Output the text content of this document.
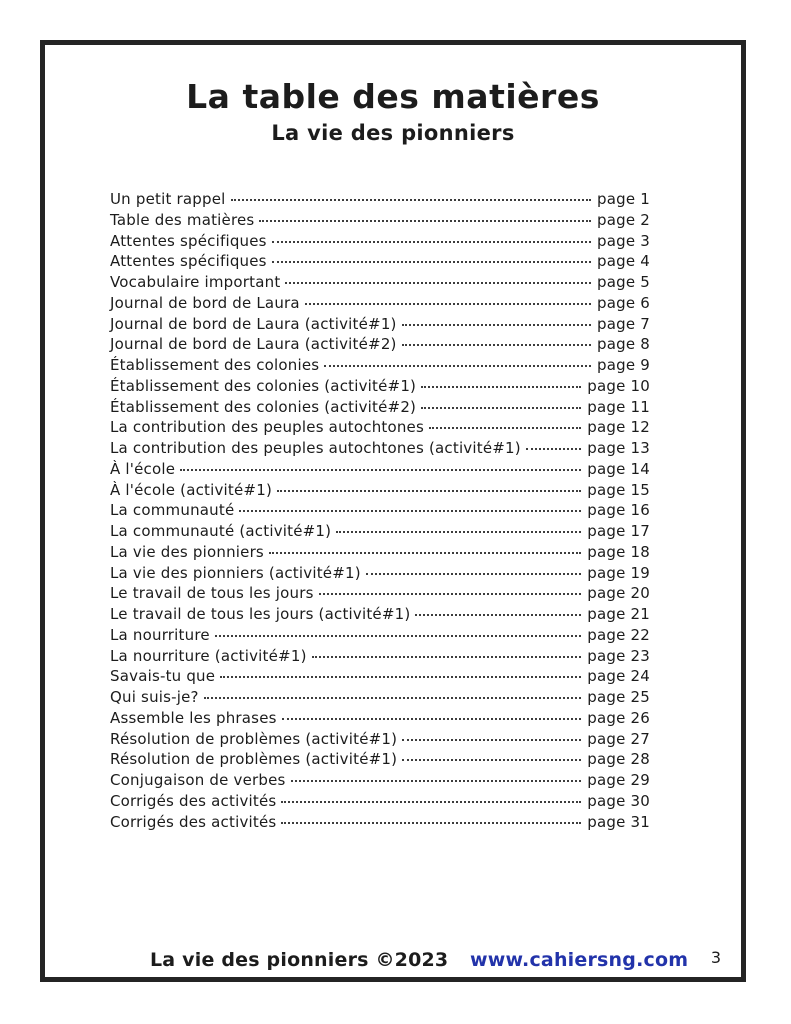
La table des matières
La vie des pionniers
Un petit rappel	page 1
Table des matières	page 2
Attentes spécifiques	page 3
Attentes spécifiques	page 4
Vocabulaire important	page 5
Journal de bord de Laura	page 6
Journal de bord de Laura (activité#1)	page 7
Journal de bord de Laura (activité#2)	page 8
Établissement des colonies	page 9
Établissement des colonies (activité#1)	page 10
Établissement des colonies (activité#2)	page 11
La contribution des peuples autochtones	page 12
La contribution des peuples autochtones (activité#1)	page 13
À l'école	page 14
À l'école (activité#1)	page 15
La communauté	page 16
La communauté (activité#1)	page 17
La vie des pionniers	page 18
La vie des pionniers (activité#1)	page 19
Le travail de tous les jours	page 20
Le travail de tous les jours (activité#1)	page 21
La nourriture	page 22
La nourriture (activité#1)	page 23
Savais-tu que	page 24
Qui suis-je?	page 25
Assemble les phrases	page 26
Résolution de problèmes (activité#1)	page 27
Résolution de problèmes (activité#1)	page 28
Conjugaison de verbes	page 29
Corrigés des activités	page 30
Corrigés des activités	page 31
La vie des pionniers ©2023 www.cahiersng.com 3
